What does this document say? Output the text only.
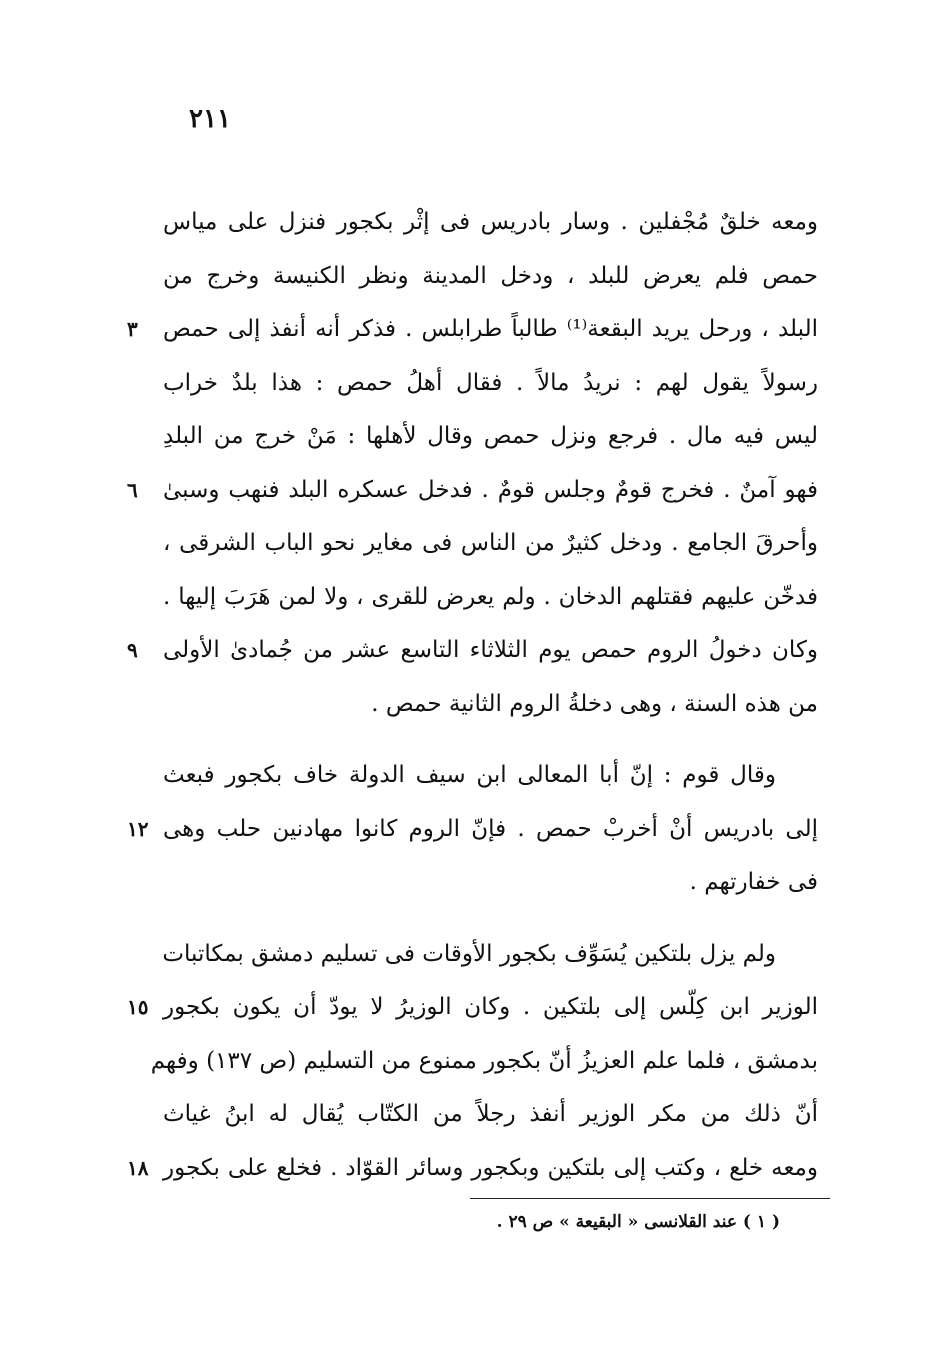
٢١١
ومعه خلقٌ مُجْفلين . وسار بادريس فى إثْر بكجور فنزل على مياس
حمص فلم يعرض للبلد ، ودخل المدينة ونظر الكنيسة وخرج من
البلد ، ورحل يريد البقعة⁽¹⁾ طالباً طرابلس . فذكر أنه أنفذ إلى حمص
٣
رسولاً يقول لهم : نريدُ مالاً . فقال أهلُ حمص : هذا بلدٌ خراب
ليس فيه مال . فرجع ونزل حمص وقال لأهلها : مَنْ خرج من البلدِ
فهو آمنٌ . فخرج قومٌ وجلس قومٌ . فدخل عسكره البلد فنهب وسبىٰ
٦
وأحرقَ الجامع . ودخل كثيرٌ من الناس فى مغاير نحو الباب الشرقى ،
فدخّن عليهم فقتلهم الدخان . ولم يعرض للقرى ، ولا لمن هَرَبَ إليها .
وكان دخولُ الروم حمص يوم الثلاثاء التاسع عشر من جُمادىٰ الأولى
٩
من هذه السنة ، وهى دخلةُ الروم الثانية حمص .
وقال قوم : إنّ أبا المعالى ابن سيف الدولة خاف بكجور فبعث
إلى بادريس أنْ أخربْ حمص . فإنّ الروم كانوا مهادنين حلب وهى
١٢
فى خفارتهم .
ولم يزل بلتكين يُسَوِّف بكجور الأوقات فى تسليم دمشق بمكاتبات
الوزير ابن كِلّس إلى بلتكين . وكان الوزيرُ لا يودّ أن يكون بكجور
١٥
بدمشق ، فلما علم العزيزُ أنّ بكجور ممنوع من التسليم (ص ١٣٧) وفهم
أنّ ذلك من مكر الوزير أنفذ رجلاً من الكتّاب يُقال له ابنُ غياث
ومعه خلع ، وكتب إلى بلتكين وبكجور وسائر القوّاد . فخلع على بكجور
١٨
( ١ ) عند القلانسى « البقيعة » ص ٢٩ .
